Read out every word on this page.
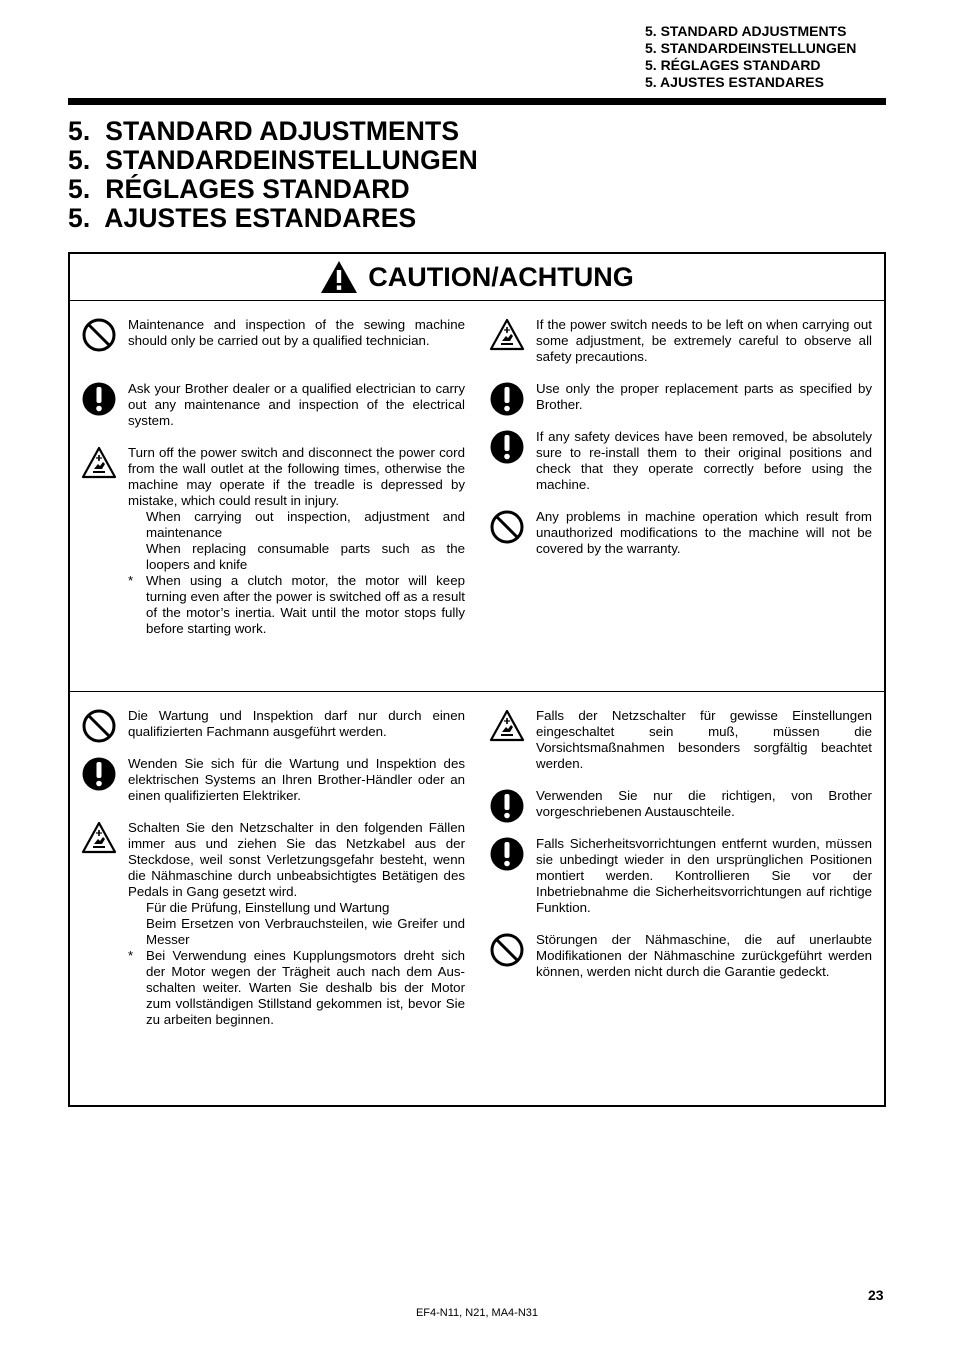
5. STANDARD ADJUSTMENTS
5. STANDARDEINSTELLUNGEN
5. RÉGLAGES STANDARD
5. AJUSTES ESTANDARES
5.  STANDARD ADJUSTMENTS
5.  STANDARDEINSTELLUNGEN
5.  RÉGLAGES STANDARD
5.  AJUSTES ESTANDARES
CAUTION/ACHTUNG
Maintenance and inspection of the sewing machine should only be carried out by a qualified technician.
Ask your Brother dealer or a qualified electrician to carry out any maintenance and inspection of the electrical system.
Turn off the power switch and disconnect the power cord from the wall outlet at the following times, otherwise the machine may operate if the treadle is depressed by mistake, which could result in injury.
When carrying out inspection, adjustment and maintenance
When replacing consumable parts such as the loopers and knife
* When using a clutch motor, the motor will keep turning even after the power is switched off as a result of the motor’s inertia. Wait until the motor stops fully before starting work.
If the power switch needs to be left on when carrying out some adjustment, be extremely careful to observe all safety precautions.
Use only the proper replacement parts as specified by Brother.
If any safety devices have been removed, be absolutely sure to re-install them to their original positions and check that they operate correctly before using the machine.
Any problems in machine operation which result from unauthorized modifications to the machine will not be covered by the warranty.
Die Wartung und Inspektion darf nur durch einen qualifizierten Fachmann ausgeführt werden.
Wenden Sie sich für die Wartung und Inspektion des elektrischen Systems an Ihren Brother-Händler oder an einen qualifizierten Elektriker.
Schalten Sie den Netzschalter in den folgenden Fällen immer aus und ziehen Sie das Netzkabel aus der Steckdose, weil sonst Verletzungsgefahr besteht, wenn die Nähmaschine durch unbeabsichtigtes Betätigen des Pedals in Gang gesetzt wird.
Für die Prüfung, Einstellung und Wartung
Beim Ersetzen von Verbrauchsteilen, wie Greifer und Messer
* Bei Verwendung eines Kupplungsmotors dreht sich der Motor wegen der Trägheit auch nach dem Aus-schalten weiter. Warten Sie deshalb bis der Motor zum vollständigen Stillstand gekommen ist, bevor Sie zu arbeiten beginnen.
Falls der Netzschalter für gewisse Einstellungen eingeschaltet sein muß, müssen die Vorsichtsmaßnahmen besonders sorgfältig beachtet werden.
Verwenden Sie nur die richtigen, von Brother vorgeschriebenen Austauschteile.
Falls Sicherheitsvorrichtungen entfernt wurden, müssen sie unbedingt wieder in den ursprünglichen Positionen montiert werden. Kontrollieren Sie vor der Inbetriebnahme die Sicherheitsvorrichtungen auf richtige Funktion.
Störungen der Nähmaschine, die auf unerlaubte Modifikationen der Nähmaschine zurückgeführt werden können, werden nicht durch die Garantie gedeckt.
23
EF4-N11, N21, MA4-N31
